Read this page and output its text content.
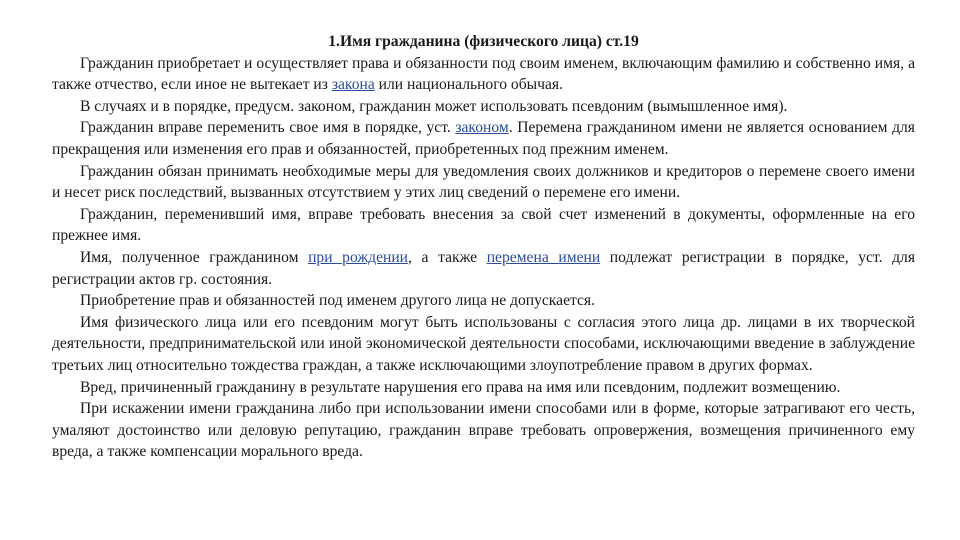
1.Имя гражданина (физического лица) ст.19

Гражданин приобретает и осуществляет права и обязанности под своим именем, включающим фамилию и собственно имя, а также отчество, если иное не вытекает из закона или национального обычая.

В случаях и в порядке, предусм. законом, гражданин может использовать псевдоним (вымышленное имя).

Гражданин вправе переменить свое имя в порядке, уст. законом. Перемена гражданином имени не является основанием для прекращения или изменения его прав и обязанностей, приобретенных под прежним именем.

Гражданин обязан принимать необходимые меры для уведомления своих должников и кредиторов о перемене своего имени и несет риск последствий, вызванных отсутствием у этих лиц сведений о перемене его имени.

Гражданин, переменивший имя, вправе требовать внесения за свой счет изменений в документы, оформленные на его прежнее имя.

Имя, полученное гражданином при рождении, а также перемена имени подлежат регистрации в порядке, уст. для регистрации актов гр. состояния.

Приобретение прав и обязанностей под именем другого лица не допускается.

Имя физического лица или его псевдоним могут быть использованы с согласия этого лица др. лицами в их творческой деятельности, предпринимательской или иной экономической деятельности способами, исключающими введение в заблуждение третьих лиц относительно тождества граждан, а также исключающими злоупотребление правом в других формах.

Вред, причиненный гражданину в результате нарушения его права на имя или псевдоним, подлежит возмещению.

При искажении имени гражданина либо при использовании имени способами или в форме, которые затрагивают его честь, умаляют достоинство или деловую репутацию, гражданин вправе требовать опровержения, возмещения причиненного ему вреда, а также компенсации морального вреда.
